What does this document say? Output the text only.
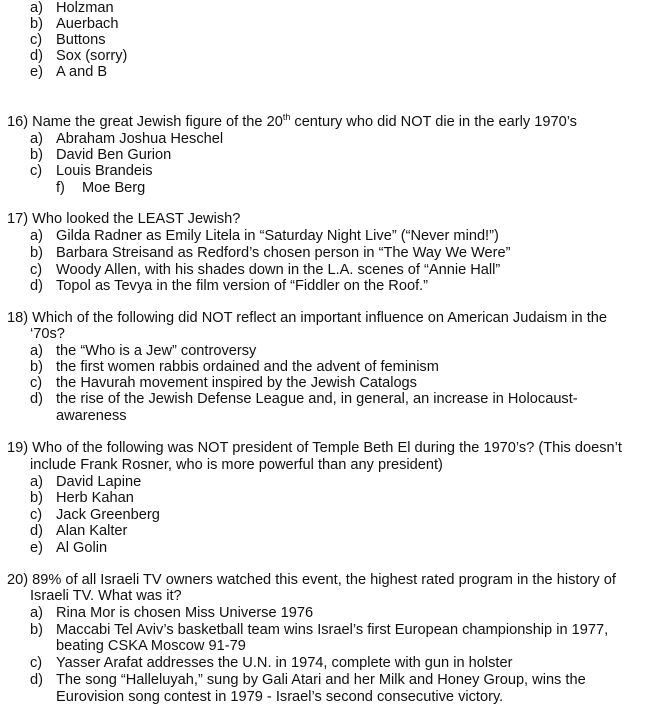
a) Holzman
b) Auerbach
c) Buttons
d) Sox (sorry)
e) A and B
16) Name the great Jewish figure of the 20th century who did NOT die in the early 1970’s
a) Abraham Joshua Heschel
b) David Ben Gurion
c) Louis Brandeis
f) Moe Berg
17) Who looked the LEAST Jewish?
a) Gilda Radner as Emily Litela in “Saturday Night Live” (“Never mind!”)
b) Barbara Streisand as Redford’s chosen person in “The Way We Were”
c) Woody Allen, with his shades down in the L.A. scenes of “Annie Hall”
d) Topol as Tevya in the film version of “Fiddler on the Roof.”
18) Which of the following did NOT reflect an important influence on American Judaism in the
‘70s?
a) the “Who is a Jew” controversy
b) the first women rabbis ordained and the advent of feminism
c) the Havurah movement inspired by the Jewish Catalogs
d) the rise of the Jewish Defense League and, in general, an increase in Holocaust-
awareness
19) Who of the following was NOT president of Temple Beth El during the 1970’s? (This doesn’t
include Frank Rosner, who is more powerful than any president)
a) David Lapine
b) Herb Kahan
c) Jack Greenberg
d) Alan Kalter
e) Al Golin
20) 89% of all Israeli TV owners watched this event, the highest rated program in the history of
Israeli TV. What was it?
a) Rina Mor is chosen Miss Universe 1976
b) Maccabi Tel Aviv’s basketball team wins Israel’s first European championship in 1977,
beating CSKA Moscow 91-79
c) Yasser Arafat addresses the U.N. in 1974, complete with gun in holster
d) The song “Halleluyah,” sung by Gali Atari and her Milk and Honey Group, wins the
Eurovision song contest in 1979 - Israel’s second consecutive victory.
